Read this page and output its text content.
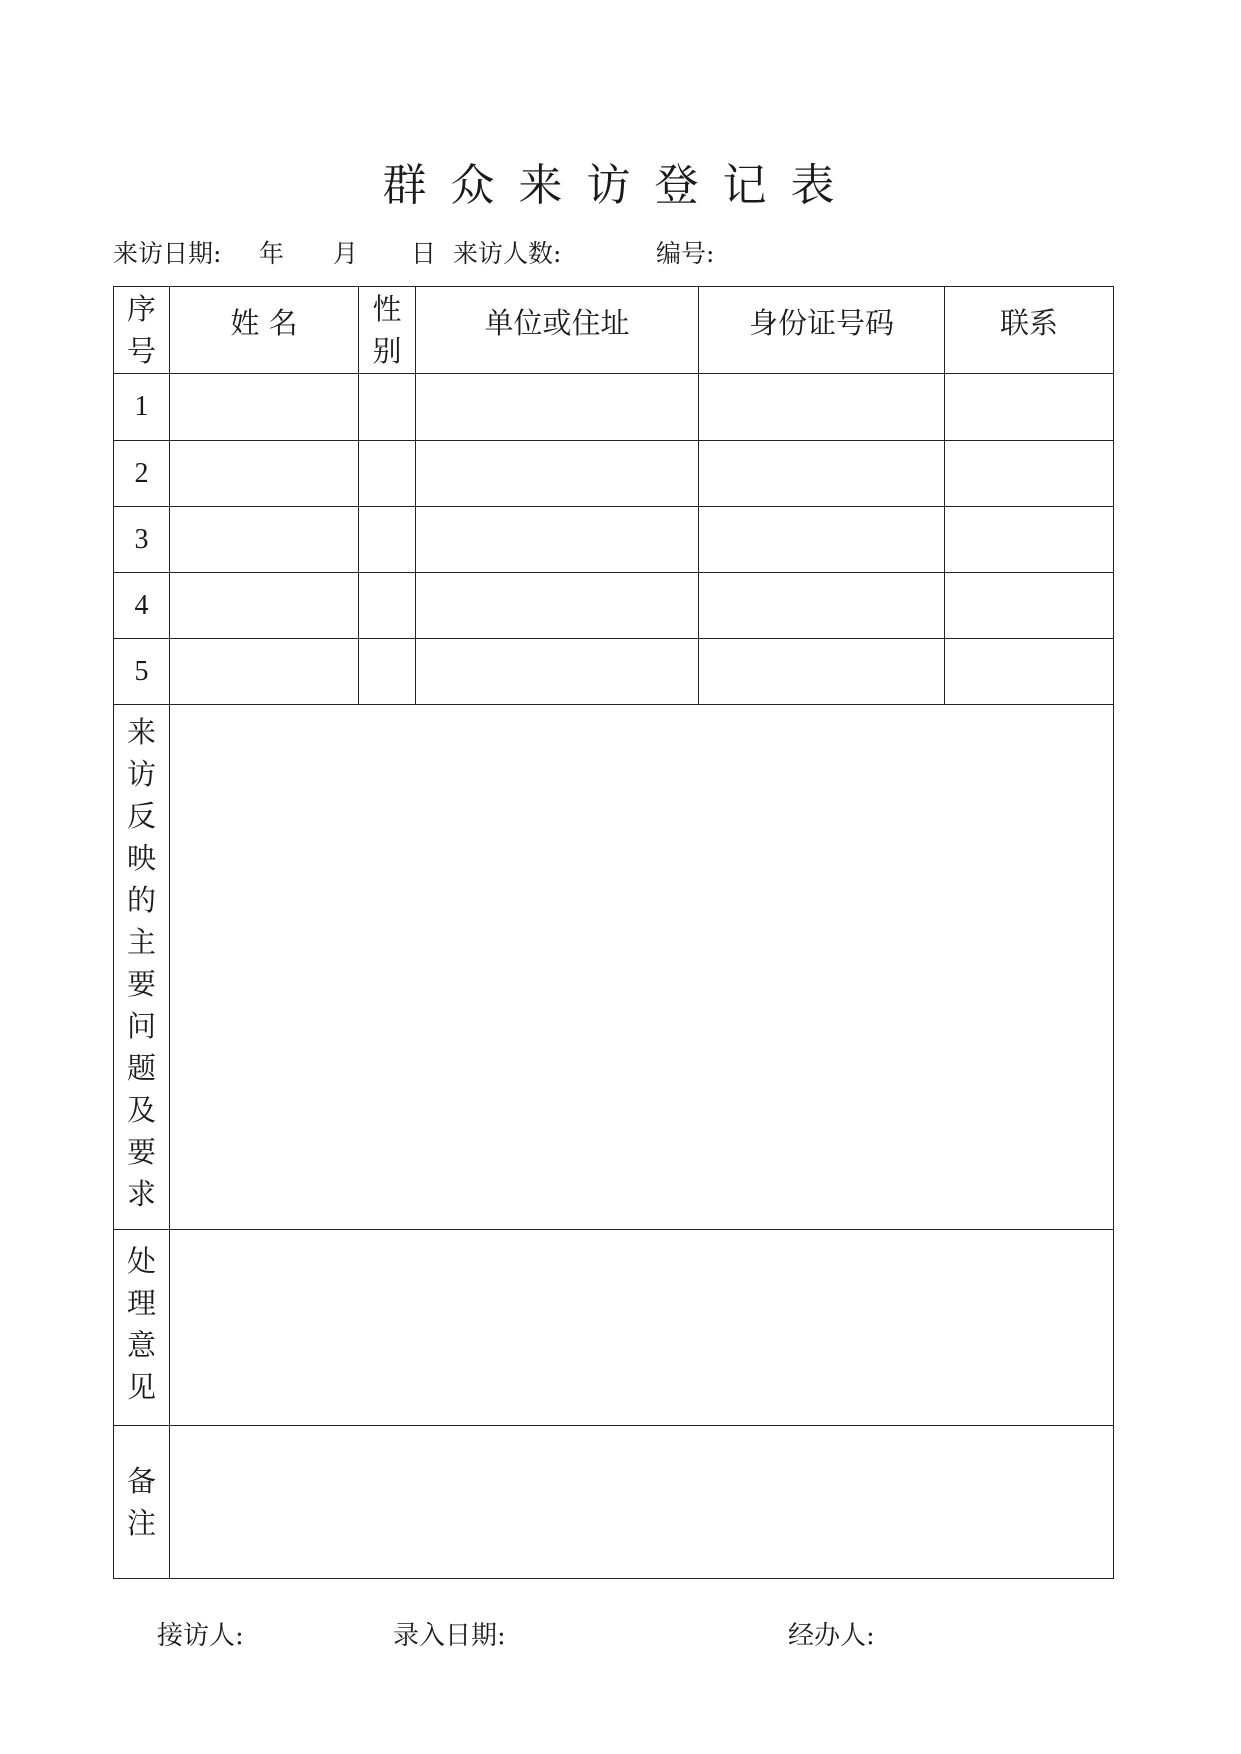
群众来访登记表
来访日期: 年 月 日 来访人数:	编号:
序号	姓 名	性别	单位或住址	身份证号码	联系
1					
2					
3					
4					
5					
来访反映的主要问题及要求					
处理意见					
备注					
接访人:	录入日期:	经办人:
